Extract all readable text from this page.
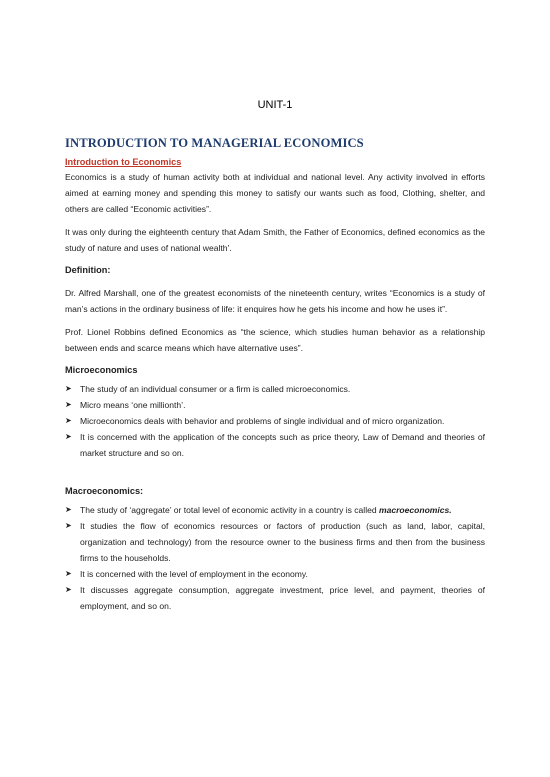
UNIT-1
INTRODUCTION TO MANAGERIAL ECONOMICS

Introduction to Economics

Economics is a study of human activity both at individual and national level. Any activity involved in efforts aimed at earning money and spending this money to satisfy our wants such as food, Clothing, shelter, and others are called “Economic activities”.

It was only during the eighteenth century that Adam Smith, the Father of Economics, defined economics as the study of nature and uses of national wealth’.

Definition:

Dr. Alfred Marshall, one of the greatest economists of the nineteenth century, writes “Economics is a study of man’s actions in the ordinary business of life: it enquires how he gets his income and how he uses it”.

Prof. Lionel Robbins defined Economics as “the science, which studies human behavior as a relationship between ends and scarce means which have alternative uses”.

Microeconomics

➤ The study of an individual consumer or a firm is called microeconomics.
➤ Micro means ‘one millionth’.
➤ Microeconomics deals with behavior and problems of single individual and of micro organization.
➤ It is concerned with the application of the concepts such as price theory, Law of Demand and theories of market structure and so on.

Macroeconomics:

➤ The study of ‘aggregate’ or total level of economic activity in a country is called macroeconomics.
➤ It studies the flow of economics resources or factors of production (such as land, labor, capital, organization and technology) from the resource owner to the business firms and then from the business firms to the households.
➤ It is concerned with the level of employment in the economy.
➤ It discusses aggregate consumption, aggregate investment, price level, and payment, theories of employment, and so on.
